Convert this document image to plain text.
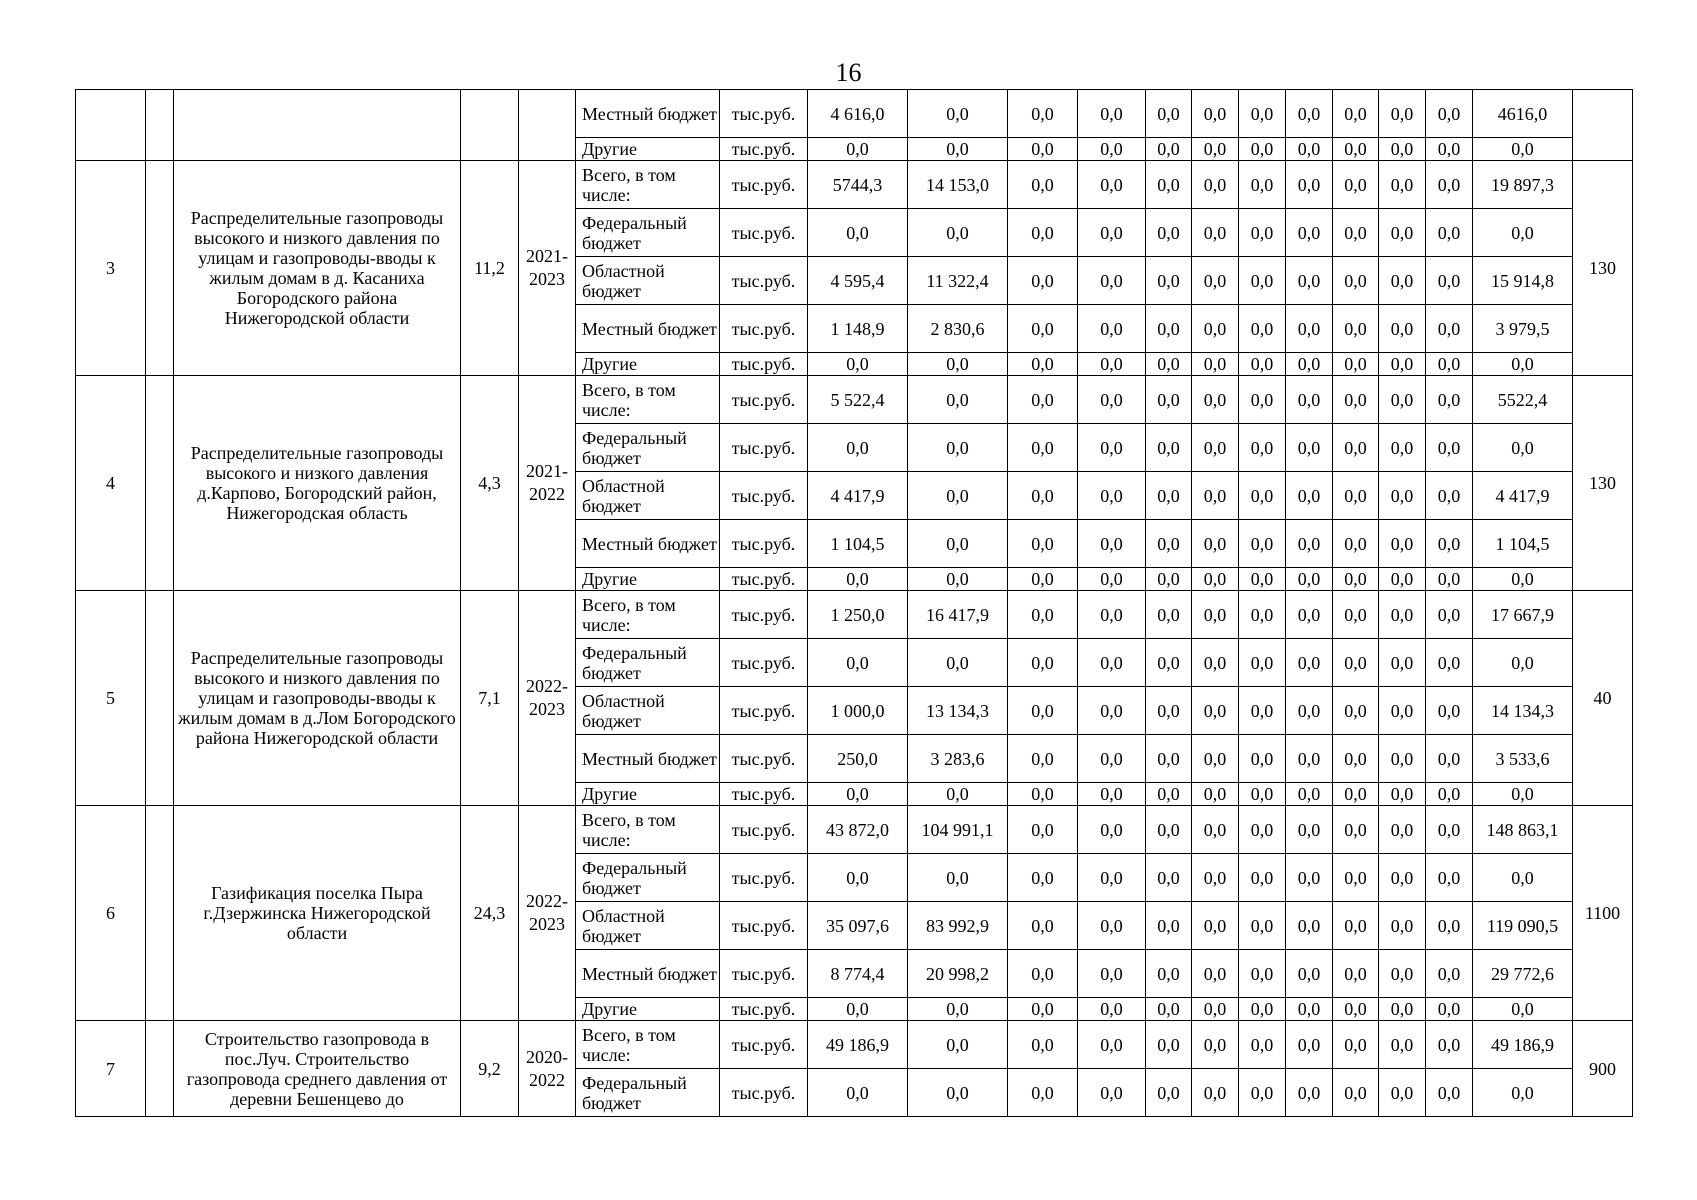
16
					Местный бюджет	тыс.руб.	4 616,0	0,0	0,0	0,0	0,0	0,0	0,0	0,0	0,0	0,0	0,0	4616,0	
					Другие	тыс.руб.	0,0	0,0	0,0	0,0	0,0	0,0	0,0	0,0	0,0	0,0	0,0	0,0	
3		Распределительные газопроводы высокого и низкого давления по улицам и газопроводы-вводы к жилым домам в д. Касаниха Богородского района Нижегородской области	11,2	2021-2023	Всего, в том числе:	тыс.руб.	5744,3	14 153,0	0,0	0,0	0,0	0,0	0,0	0,0	0,0	0,0	0,0	19 897,3	130
					Федеральный бюджет	тыс.руб.	0,0	0,0	0,0	0,0	0,0	0,0	0,0	0,0	0,0	0,0	0,0	0,0	
					Областной бюджет	тыс.руб.	4 595,4	11 322,4	0,0	0,0	0,0	0,0	0,0	0,0	0,0	0,0	0,0	15 914,8	
					Местный бюджет	тыс.руб.	1 148,9	2 830,6	0,0	0,0	0,0	0,0	0,0	0,0	0,0	0,0	0,0	3 979,5	
					Другие	тыс.руб.	0,0	0,0	0,0	0,0	0,0	0,0	0,0	0,0	0,0	0,0	0,0	0,0	
4		Распределительные газопроводы высокого и низкого давления д.Карпово, Богородский район, Нижегородская область	4,3	2021-2022	Всего, в том числе:	тыс.руб.	5 522,4	0,0	0,0	0,0	0,0	0,0	0,0	0,0	0,0	0,0	0,0	5522,4	130
					Федеральный бюджет	тыс.руб.	0,0	0,0	0,0	0,0	0,0	0,0	0,0	0,0	0,0	0,0	0,0	0,0	
					Областной бюджет	тыс.руб.	4 417,9	0,0	0,0	0,0	0,0	0,0	0,0	0,0	0,0	0,0	0,0	4 417,9	
					Местный бюджет	тыс.руб.	1 104,5	0,0	0,0	0,0	0,0	0,0	0,0	0,0	0,0	0,0	0,0	1 104,5	
					Другие	тыс.руб.	0,0	0,0	0,0	0,0	0,0	0,0	0,0	0,0	0,0	0,0	0,0	0,0	
5		Распределительные газопроводы высокого и низкого давления по улицам и газопроводы-вводы к жилым домам в д.Лом Богородского района Нижегородской области	7,1	2022-2023	Всего, в том числе:	тыс.руб.	1 250,0	16 417,9	0,0	0,0	0,0	0,0	0,0	0,0	0,0	0,0	0,0	17 667,9	40
					Федеральный бюджет	тыс.руб.	0,0	0,0	0,0	0,0	0,0	0,0	0,0	0,0	0,0	0,0	0,0	0,0	
					Областной бюджет	тыс.руб.	1 000,0	13 134,3	0,0	0,0	0,0	0,0	0,0	0,0	0,0	0,0	0,0	14 134,3	
					Местный бюджет	тыс.руб.	250,0	3 283,6	0,0	0,0	0,0	0,0	0,0	0,0	0,0	0,0	0,0	3 533,6	
					Другие	тыс.руб.	0,0	0,0	0,0	0,0	0,0	0,0	0,0	0,0	0,0	0,0	0,0	0,0	
6		Газификация поселка Пыра г.Дзержинска Нижегородской области	24,3	2022-2023	Всего, в том числе:	тыс.руб.	43 872,0	104 991,1	0,0	0,0	0,0	0,0	0,0	0,0	0,0	0,0	0,0	148 863,1	1100
					Федеральный бюджет	тыс.руб.	0,0	0,0	0,0	0,0	0,0	0,0	0,0	0,0	0,0	0,0	0,0	0,0	
					Областной бюджет	тыс.руб.	35 097,6	83 992,9	0,0	0,0	0,0	0,0	0,0	0,0	0,0	0,0	0,0	119 090,5	
					Местный бюджет	тыс.руб.	8 774,4	20 998,2	0,0	0,0	0,0	0,0	0,0	0,0	0,0	0,0	0,0	29 772,6	
					Другие	тыс.руб.	0,0	0,0	0,0	0,0	0,0	0,0	0,0	0,0	0,0	0,0	0,0	0,0	
7		Строительство газопровода в пос.Луч. Строительство газопровода среднего давления от деревни Бешенцево до	9,2	2020-2022	Всего, в том числе:	тыс.руб.	49 186,9	0,0	0,0	0,0	0,0	0,0	0,0	0,0	0,0	0,0	0,0	49 186,9	900
					Федеральный бюджет	тыс.руб.	0,0	0,0	0,0	0,0	0,0	0,0	0,0	0,0	0,0	0,0	0,0	0,0	
